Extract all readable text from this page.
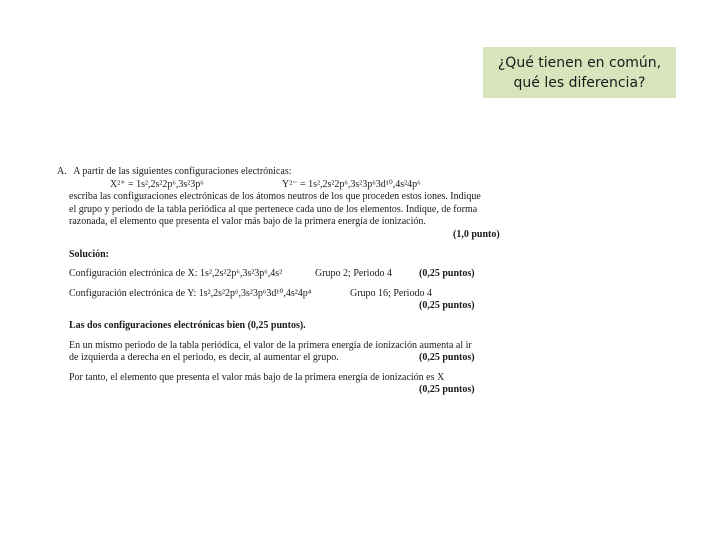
¿Qué tienen en común,
qué les diferencia?
A. A partir de las siguientes configuraciones electrónicas:
X²⁺ = 1s²,2s²2p⁶,3s²3p⁶	Y²⁻ = 1s²,2s²2p⁶,3s²3p⁶3d¹⁰,4s²4p⁶
escriba las configuraciones electrónicas de los átomos neutros de los que proceden estos iones. Indique
el grupo y periodo de la tabla periódica al que pertenece cada uno de los elementos. Indique, de forma
razonada, el elemento que presenta el valor más bajo de la primera energía de ionización.
(1,0 punto)
Solución:
Configuración electrónica de X: 1s²,2s²2p⁶,3s²3p⁶,4s²	Grupo 2; Periodo 4	(0,25 puntos)
Configuración electrónica de Y: 1s²,2s²2p⁶,3s²3p⁶3d¹⁰,4s²4p⁴	Grupo 16; Periodo 4
(0,25 puntos)
Las dos configuraciones electrónicas bien (0,25 puntos).
En un mismo periodo de la tabla periódica, el valor de la primera energía de ionización aumenta al ir
de izquierda a derecha en el periodo, es decir, al aumentar el grupo.	(0,25 puntos)
Por tanto, el elemento que presenta el valor más bajo de la primera energía de ionización es X
(0,25 puntos)
